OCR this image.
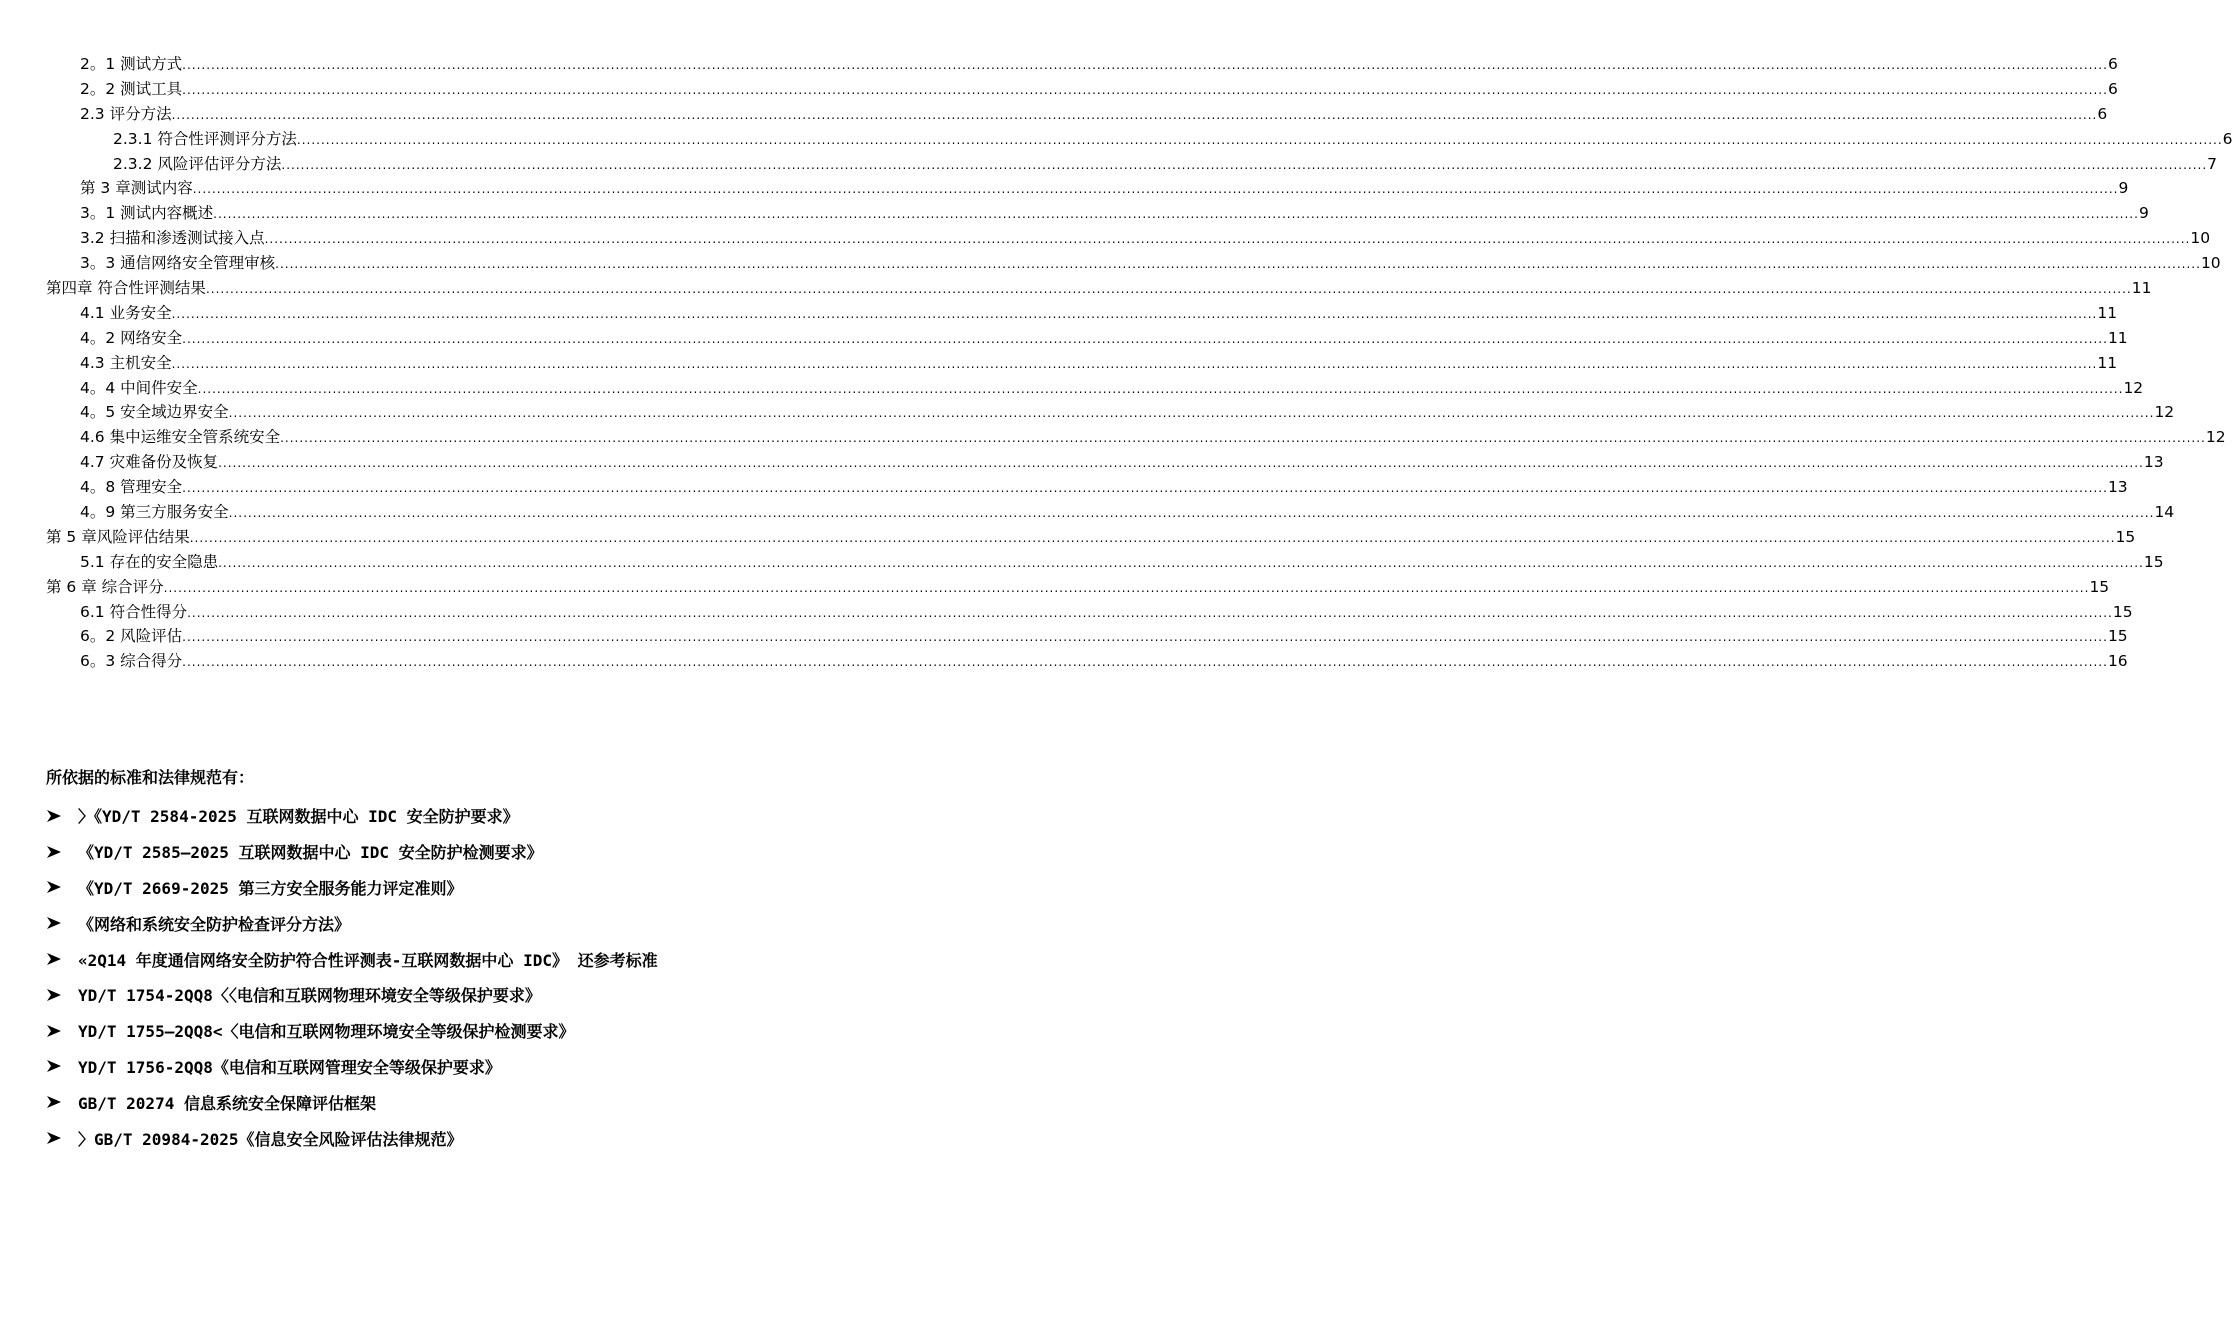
2。1 测试方式 ................................................................................................................................................................................................................................................................................................................................................................................................................ 6
2。2 测试工具 ................................................................................................................................................................................................................................................................................................................................................................................................................ 6
2.3 评分方法 ................................................................................................................................................................................................................................................................................................................................................................................................................ 6
2.3.1 符合性评测评分方法 ................................................................................................................................................................................................................................................................................................................................................................................................................ 6
2.3.2 风险评估评分方法 ................................................................................................................................................................................................................................................................................................................................................................................................................ 7
第 3 章测试内容 ................................................................................................................................................................................................................................................................................................................................................................................................................ 9
3。1 测试内容概述 ................................................................................................................................................................................................................................................................................................................................................................................................................ 9
3.2 扫描和渗透测试接入点 ................................................................................................................................................................................................................................................................................................................................................................................................................ 10
3。3 通信网络安全管理审核 ................................................................................................................................................................................................................................................................................................................................................................................................................ 10
第四章 符合性评测结果 ................................................................................................................................................................................................................................................................................................................................................................................................................ 11
4.1 业务安全 ................................................................................................................................................................................................................................................................................................................................................................................................................ 11
4。2 网络安全 ................................................................................................................................................................................................................................................................................................................................................................................................................ 11
4.3 主机安全 ................................................................................................................................................................................................................................................................................................................................................................................................................ 11
4。4 中间件安全 ................................................................................................................................................................................................................................................................................................................................................................................................................ 12
4。5 安全域边界安全 ................................................................................................................................................................................................................................................................................................................................................................................................................ 12
4.6 集中运维安全管系统安全 ................................................................................................................................................................................................................................................................................................................................................................................................................ 12
4.7 灾难备份及恢复 ................................................................................................................................................................................................................................................................................................................................................................................................................ 13
4。8 管理安全 ................................................................................................................................................................................................................................................................................................................................................................................................................ 13
4。9 第三方服务安全 ................................................................................................................................................................................................................................................................................................................................................................................................................ 14
第 5 章风险评估结果 ................................................................................................................................................................................................................................................................................................................................................................................................................ 15
5.1 存在的安全隐患 ................................................................................................................................................................................................................................................................................................................................................................................................................ 15
第 6 章 综合评分 ................................................................................................................................................................................................................................................................................................................................................................................................................ 15
6.1 符合性得分 ................................................................................................................................................................................................................................................................................................................................................................................................................ 15
6。2 风险评估 ................................................................................................................................................................................................................................................................................................................................................................................................................ 15
6。3 综合得分 ................................................................................................................................................................................................................................................................................................................................................................................................................ 16
所依据的标准和法律规范有：
〉《YD/T 2584-2025 互联网数据中心 IDC 安全防护要求》
《YD/T 2585—2025 互联网数据中心 IDC 安全防护检测要求》
《YD/T 2669-2025 第三方安全服务能力评定准则》
《网络和系统安全防护检查评分方法》
«2Q14 年度通信网络安全防护符合性评测表-互联网数据中心 IDC》 还参考标准
YD/T 1754-2QQ8〈〈电信和互联网物理环境安全等级保护要求》
YD/T 1755—2QQ8<〈电信和互联网物理环境安全等级保护检测要求》
YD/T 1756-2QQ8《电信和互联网管理安全等级保护要求》
GB/T 20274 信息系统安全保障评估框架
〉GB/T 20984-2025《信息安全风险评估法律规范》
